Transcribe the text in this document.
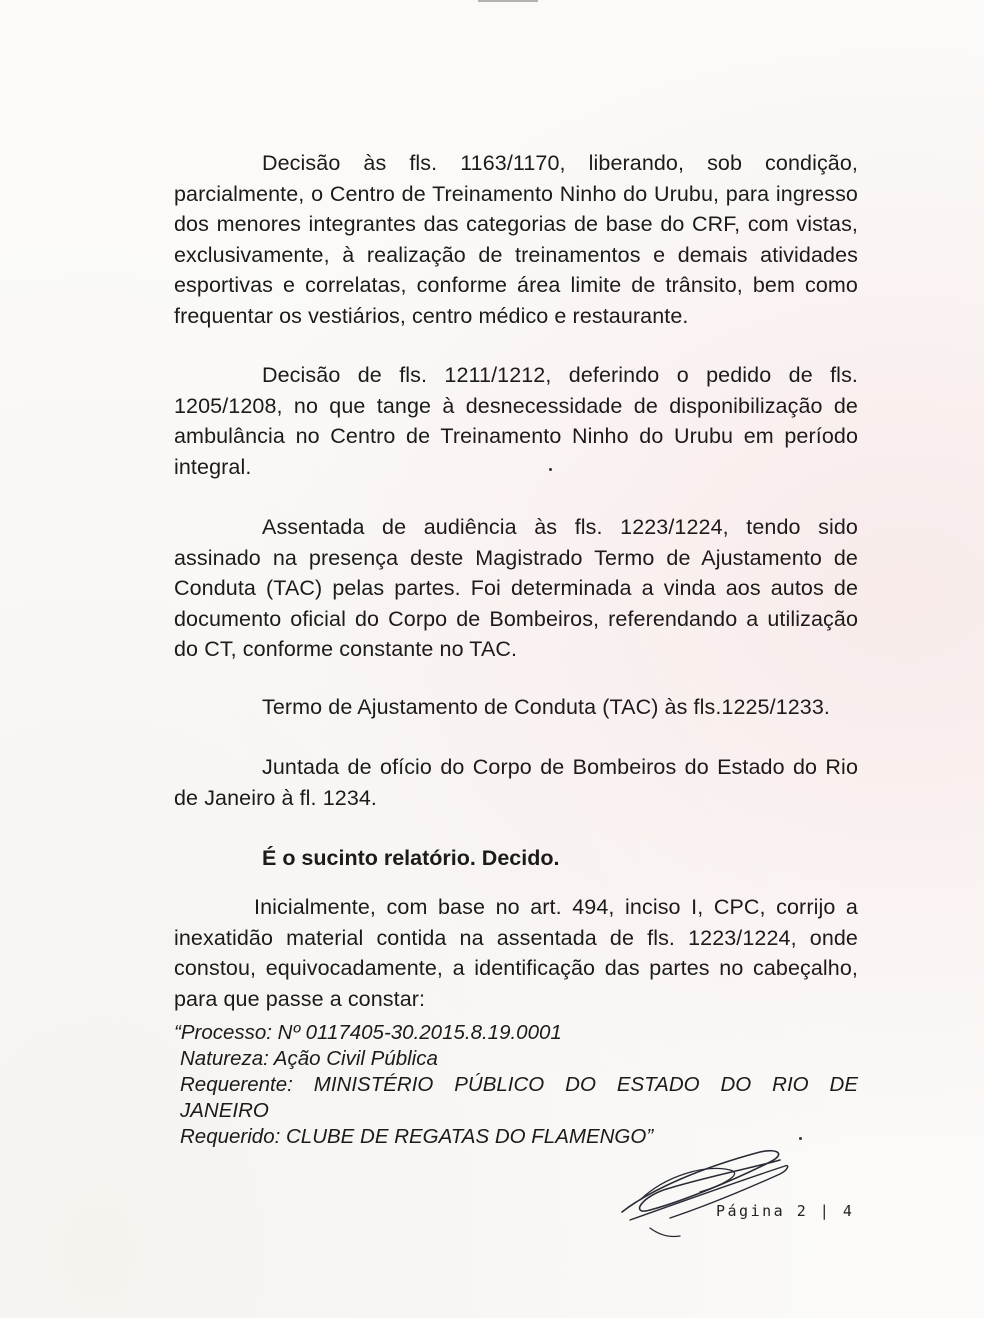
Decisão às fls. 1163/1170, liberando, sob condição, parcialmente, o Centro de Treinamento Ninho do Urubu, para ingresso dos menores integrantes das categorias de base do CRF, com vistas, exclusivamente, à realização de treinamentos e demais atividades esportivas e correlatas, conforme área limite de trânsito, bem como frequentar os vestiários, centro médico e restaurante.

Decisão de fls. 1211/1212, deferindo o pedido de fls. 1205/1208, no que tange à desnecessidade de disponibilização de ambulância no Centro de Treinamento Ninho do Urubu em período integral.

Assentada de audiência às fls. 1223/1224, tendo sido assinado na presença deste Magistrado Termo de Ajustamento de Conduta (TAC) pelas partes. Foi determinada a vinda aos autos de documento oficial do Corpo de Bombeiros, referendando a utilização do CT, conforme constante no TAC.

Termo de Ajustamento de Conduta (TAC) às fls.1225/1233.

Juntada de ofício do Corpo de Bombeiros do Estado do Rio de Janeiro à fl. 1234.

É o sucinto relatório. Decido.

Inicialmente, com base no art. 494, inciso I, CPC, corrijo a inexatidão material contida na assentada de fls. 1223/1224, onde constou, equivocadamente, a identificação das partes no cabeçalho, para que passe a constar:

“Processo: Nº 0117405-30.2015.8.19.0001
Natureza: Ação Civil Pública
Requerente: MINISTÉRIO PÚBLICO DO ESTADO DO RIO DE
JANEIRO
Requerido: CLUBE DE REGATAS DO FLAMENGO”
Página 2 | 4
